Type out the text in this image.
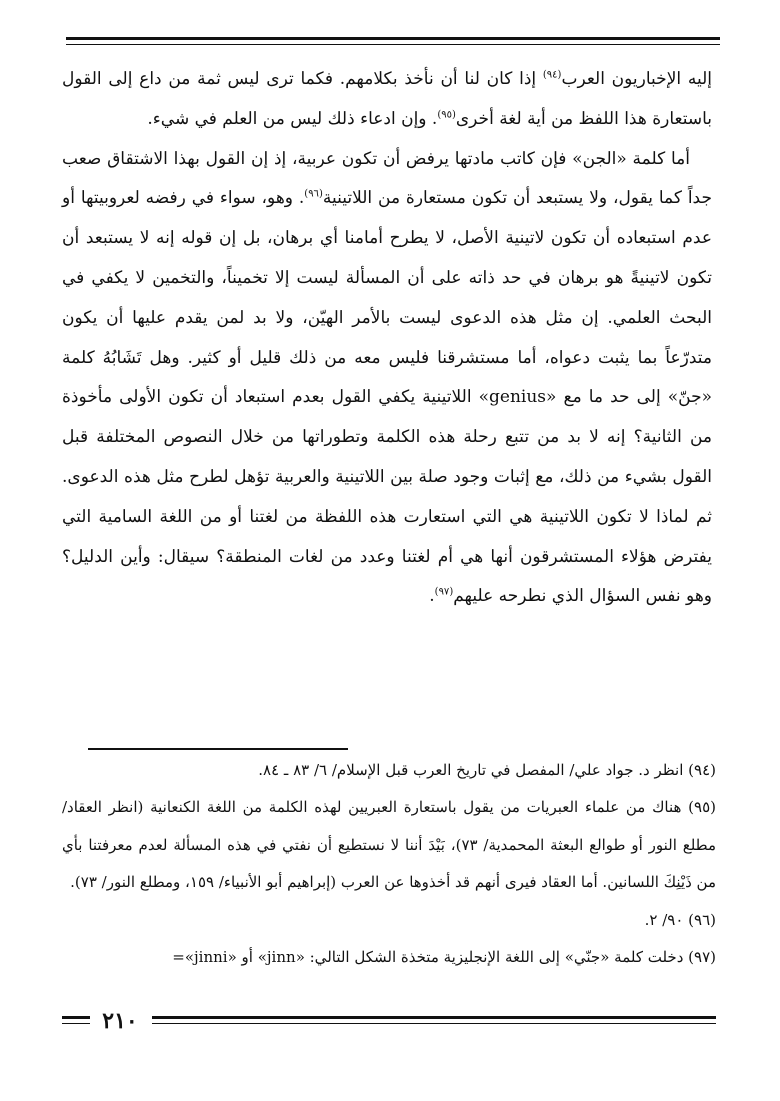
إليه الإخباريون العرب$^{(٩٤)}$ إذا كان لنا أن نأخذ بكلامهم. فكما ترى ليس ثمة من داع إلى القول باستعارة هذا اللفظ من أية لغة أخرى$^{(٩٥)}$. وإن ادعاء ذلك ليس من العلم في شيء.

أما كلمة «الجن» فإن كاتب مادتها يرفض أن تكون عربية، إذ إن القول بهذا الاشتقاق صعب جداً كما يقول، ولا يستبعد أن تكون مستعارة من اللاتينية$^{(٩٦)}$. وهو، سواء في رفضه لعروبيتها أو عدم استبعاده أن تكون لاتينية الأصل، لا يطرح أمامنا أي برهان، بل إن قوله إنه لا يستبعد أن تكون لاتينيةً هو برهان في حد ذاته على أن المسألة ليست إلا تخميناً، والتخمين لا يكفي في البحث العلمي. إن مثل هذه الدعوى ليست بالأمر الهيّن، ولا بد لمن يقدم عليها أن يكون متدرّعاً بما يثبت دعواه، أما مستشرقنا فليس معه من ذلك قليل أو كثير. وهل تَشَابُهُ كلمة «جنّ» إلى حد ما مع «genius» اللاتينية يكفي القول بعدم استبعاد أن تكون الأولى مأخوذة من الثانية؟ إنه لا بد من تتبع رحلة هذه الكلمة وتطوراتها من خلال النصوص المختلفة قبل القول بشيء من ذلك، مع إثبات وجود صلة بين اللاتينية والعربية تؤهل لطرح مثل هذه الدعوى. ثم لماذا لا تكون اللاتينية هي التي استعارت هذه اللفظة من لغتنا أو من اللغة السامية التي يفترض هؤلاء المستشرقون أنها هي أم لغتنا وعدد من لغات المنطقة؟ سيقال: وأين الدليل؟ وهو نفس السؤال الذي نطرحه عليهم$^{(٩٧)}$.

(٩٤) انظر د. جواد علي/ المفصل في تاريخ العرب قبل الإسلام/ ٦/ ٨٣ ـ ٨٤.

(٩٥) هناك من علماء العبريات من يقول باستعارة العبريين لهذه الكلمة من اللغة الكنعانية (انظر العقاد/ مطلع النور أو طوالع البعثة المحمدية/ ٧٣)، بَيْدَ أننا لا نستطيع أن نفتي في هذه المسألة لعدم معرفتنا بأي من ذَيْنِكَ اللسانين. أما العقاد فيرى أنهم قد أخذوها عن العرب (إبراهيم أبو الأنبياء/ ١٥٩، ومطلع النور/ ٧٣).

(٩٦) ٩٠/ ٢.

(٩٧) دخلت كلمة «جنّي» إلى اللغة الإنجليزية متخذة الشكل التالي: «jinn» أو «jinni»=

٢١٠
